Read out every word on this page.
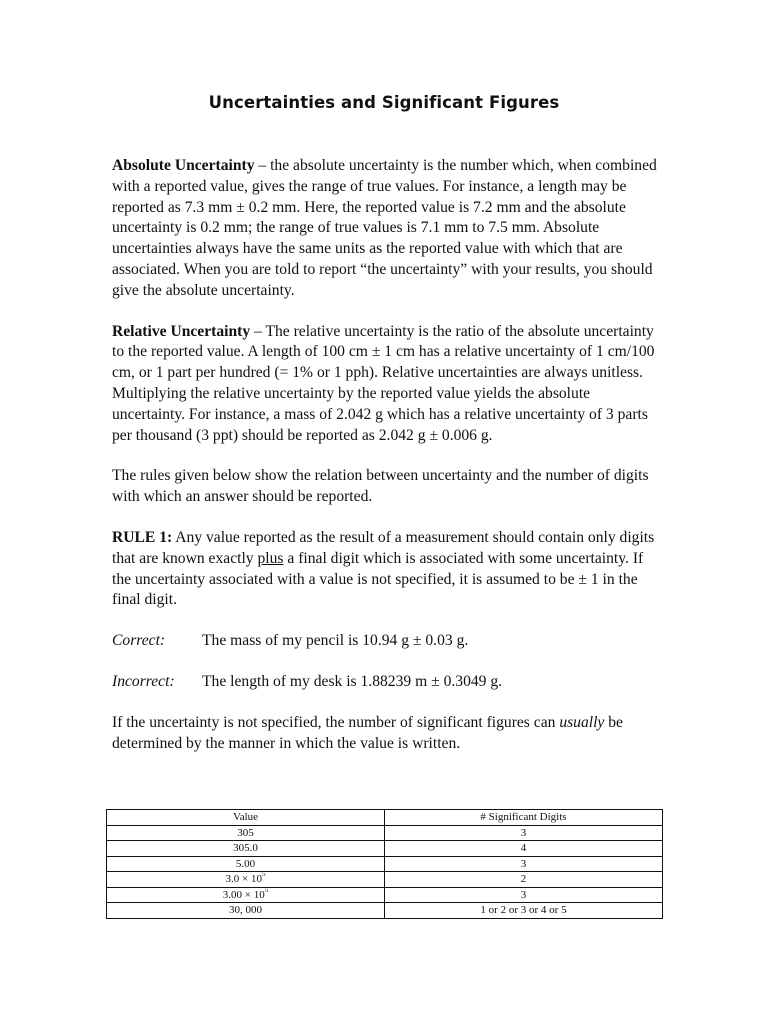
Uncertainties and Significant Figures

Absolute Uncertainty – the absolute uncertainty is the number which, when combined with a reported value, gives the range of true values. For instance, a length may be reported as 7.3 mm ± 0.2 mm. Here, the reported value is 7.2 mm and the absolute uncertainty is 0.2 mm; the range of true values is 7.1 mm to 7.5 mm. Absolute uncertainties always have the same units as the reported value with which that are associated. When you are told to report “the uncertainty” with your results, you should give the absolute uncertainty.

Relative Uncertainty – The relative uncertainty is the ratio of the absolute uncertainty to the reported value. A length of 100 cm ± 1 cm has a relative uncertainty of 1 cm/100 cm, or 1 part per hundred (= 1% or 1 pph). Relative uncertainties are always unitless. Multiplying the relative uncertainty by the reported value yields the absolute uncertainty. For instance, a mass of 2.042 g which has a relative uncertainty of 3 parts per thousand (3 ppt) should be reported as 2.042 g ± 0.006 g.

The rules given below show the relation between uncertainty and the number of digits with which an answer should be reported.

RULE 1: Any value reported as the result of a measurement should contain only digits that are known exactly plus a final digit which is associated with some uncertainty. If the uncertainty associated with a value is not specified, it is assumed to be ± 1 in the final digit.

Correct:	The mass of my pencil is 10.94 g ± 0.03 g.
Incorrect:	The length of my desk is 1.88239 m ± 0.3049 g.

If the uncertainty is not specified, the number of significant figures can usually be determined by the manner in which the value is written.

Value	# Significant Digits
305	3
305.0	4
5.00	3
$3.0 \times 10^5$	2
$3.00 \times 10^5$	3
30, 000	1 or 2 or 3 or 4 or 5
